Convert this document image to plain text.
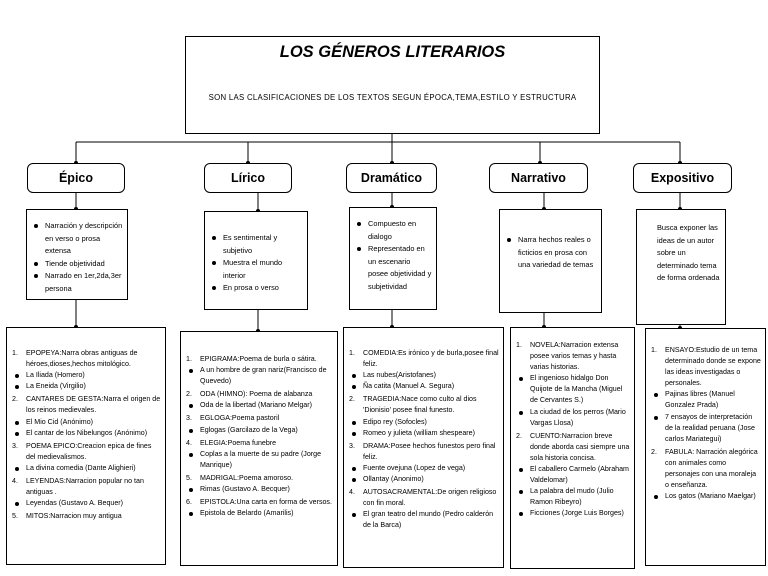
LOS GÉNEROS LITERARIOS
SON LAS CLASIFICACIONES DE LOS TEXTOS SEGUN ÉPOCA,TEMA,ESTILO Y ESTRUCTURA
Épico	Lírico	Dramático	Narrativo	Expositivo
Narración y descripción en verso o prosa extensa
Tiende objetividad
Narrado en 1er,2da,3er persona
Es sentimental y subjetivo
Muestra el mundo interior
En prosa o verso
Compuesto en dialogo
Representado en un escenario posee objetividad y subjetividad
Narra hechos reales o ficticios en prosa con una variedad de temas
Busca exponer las ideas de un autor sobre un determinado tema de forma ordenada
1. EPOPEYA:Narra obras antiguas de héroes,dioses,hechos mitológico.
La Iliada (Homero)
La Eneida (Virgilio)
2. CANTARES DE GESTA:Narra el origen de los reinos medievales.
El Mio Cid (Anónimo)
El cantar de los Nibelungos (Anónimo)
3. POEMA EPICO:Creacion epica de fines del medievalismos.
La divina comedia (Dante Alighieri)
4. LEYENDAS:Narracion popular no tan antiguas .
Leyendas (Gustavo A. Bequer)
5. MITOS:Narracion muy antigua
1. EPIGRAMA:Poema de burla o sátira.
A un hombre de gran nariz(Francisco de Quevedo)
2. ODA (HIMNO): Poema de alabanza
Oda de la libertad (Mariano Melgar)
3. EGLOGA:Poema pastoril
Eglogas (Garcilazo de la Vega)
4. ELEGIA:Poema funebre
Coplas a la muerte de su padre (Jorge Manrique)
5. MADRIGAL:Poema amoroso.
Rimas (Gustavo A. Becquer)
6. EPISTOLA:Una carta en forma de versos.
Epistola de Belardo (Amarilis)
1. COMEDIA:Es irónico y de burla,posee final feliz.
Las nubes(Aristofanes)
Ña catita (Manuel A. Segura)
2. TRAGEDIA:Nace como culto al dios 'Dionisio' posee final funesto.
Edipo rey (Sofocles)
Romeo y julieta (william shespeare)
3. DRAMA:Posee hechos funestos pero final feliz.
Fuente ovejuna (Lopez de vega)
Ollantay (Anonimo)
4. AUTOSACRAMENTAL:De origen religioso con fin moral.
El gran teatro del mundo (Pedro calderón de la Barca)
1. NOVELA:Narracion extensa posee varios temas y hasta varias historias.
El ingenioso hidalgo Don Quijote de la Mancha (Miguel de Cervantes S.)
La ciudad de los perros (Mario Vargas Llosa)
2. CUENTO:Narracion breve donde aborda casi siempre una sola historia concisa.
El caballero Carmelo (Abraham Valdelomar)
La palabra del mudo (Julio Ramon Ribeyro)
Ficciones (Jorge Luis Borges)
1. ENSAYO:Estudio de un tema determinado donde se expone las ideas investigadas o personales.
Pajinas libres (Manuel Gonzalez Prada)
7 ensayos de interpretación de la realidad peruana (Jose carlos Mariategui)
2. FABULA: Narración alegórica con animales como personajes con una moraleja o enseñanza.
Los gatos (Mariano Maelgar)
